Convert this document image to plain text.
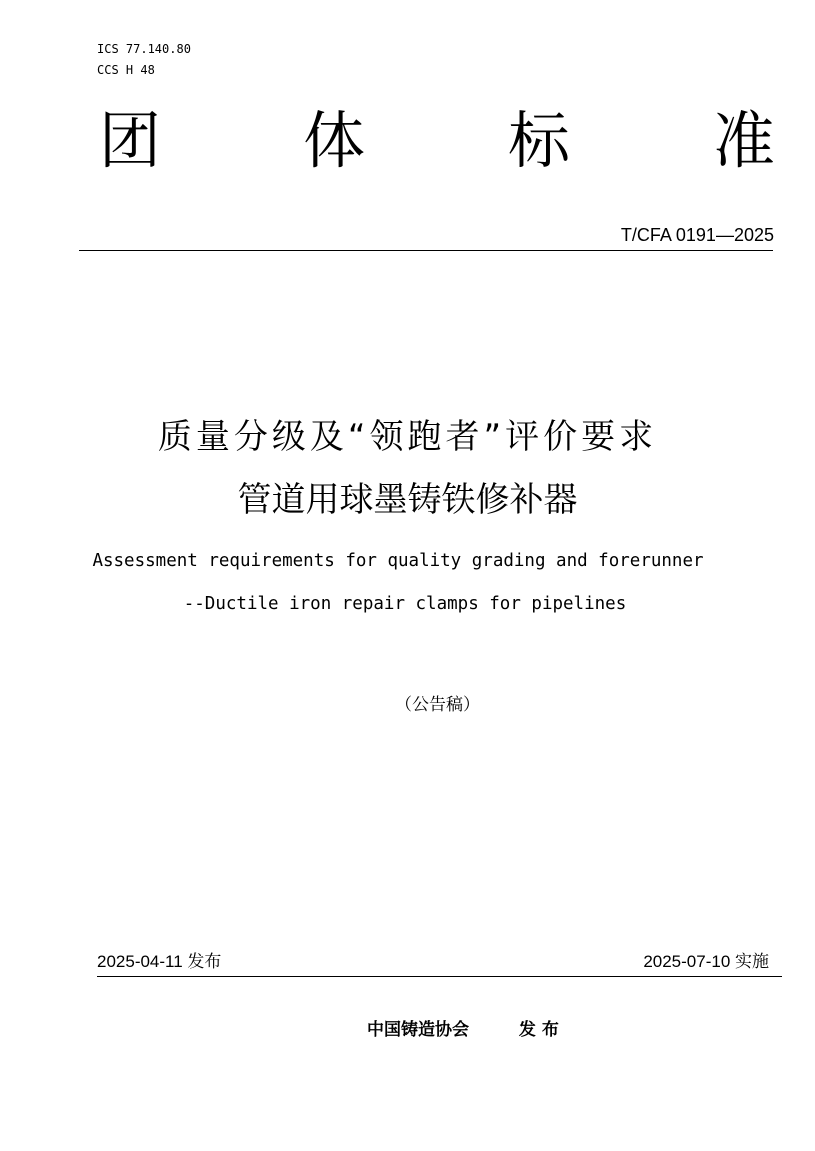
ICS 77.140.80
CCS H 48
团 体 标 准
T/CFA 0191—2025
质量分级及“领跑者”评价要求
管道用球墨铸铁修补器
Assessment requirements for quality grading and forerunner
--Ductile iron repair clamps for pipelines
（公告稿）
2025-04-11 发布	2025-07-10 实施
中国铸造协会	发 布
